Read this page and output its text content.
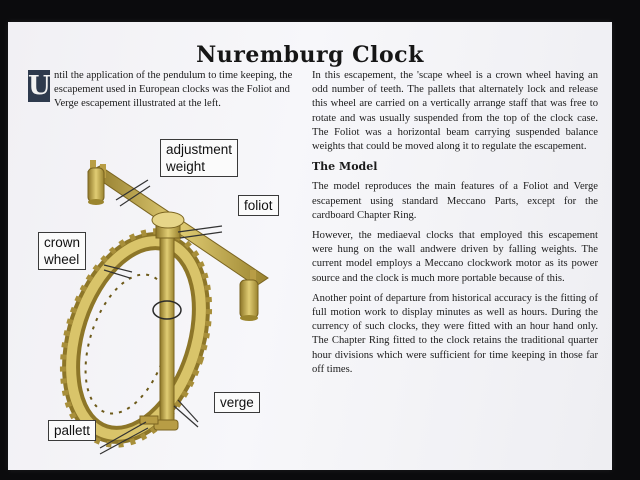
Nuremburg Clock
U ntil the application of the pendulum to time keeping, the escapement used in European clocks was the Foliot and Verge escapement illustrated at the left.

In this escapement, the 'scape wheel is a crown wheel having an odd number of teeth. The pallets that alternately lock and release this wheel are carried on a vertically arrange staff that was free to rotate and was usually suspended from the top of the clock case. The Foliot was a horizontal beam carrying suspended balance weights that could be moved along it to regulate the escapement.

The Model

The model reproduces the main features of a Foliot and Verge escapement using standard Meccano Parts, except for the cardboard Chapter Ring.

However, the mediaeval clocks that employed this escapement were hung on the wall andwere driven by falling weights. The current model employs a Meccano clockwork motor as its power source and the clock is much more portable because of this.

Another point of departure from historical accuracy is the fitting of full motion work to display minutes as well as hours. During the currency of such clocks, they were fitted with an hour hand only. The Chapter Ring fitted to the clock retains the traditional quarter hour divisions which were sufficient for time keeping in those far off times.

adjustment
weight
foliot
crown
wheel
verge
pallett
